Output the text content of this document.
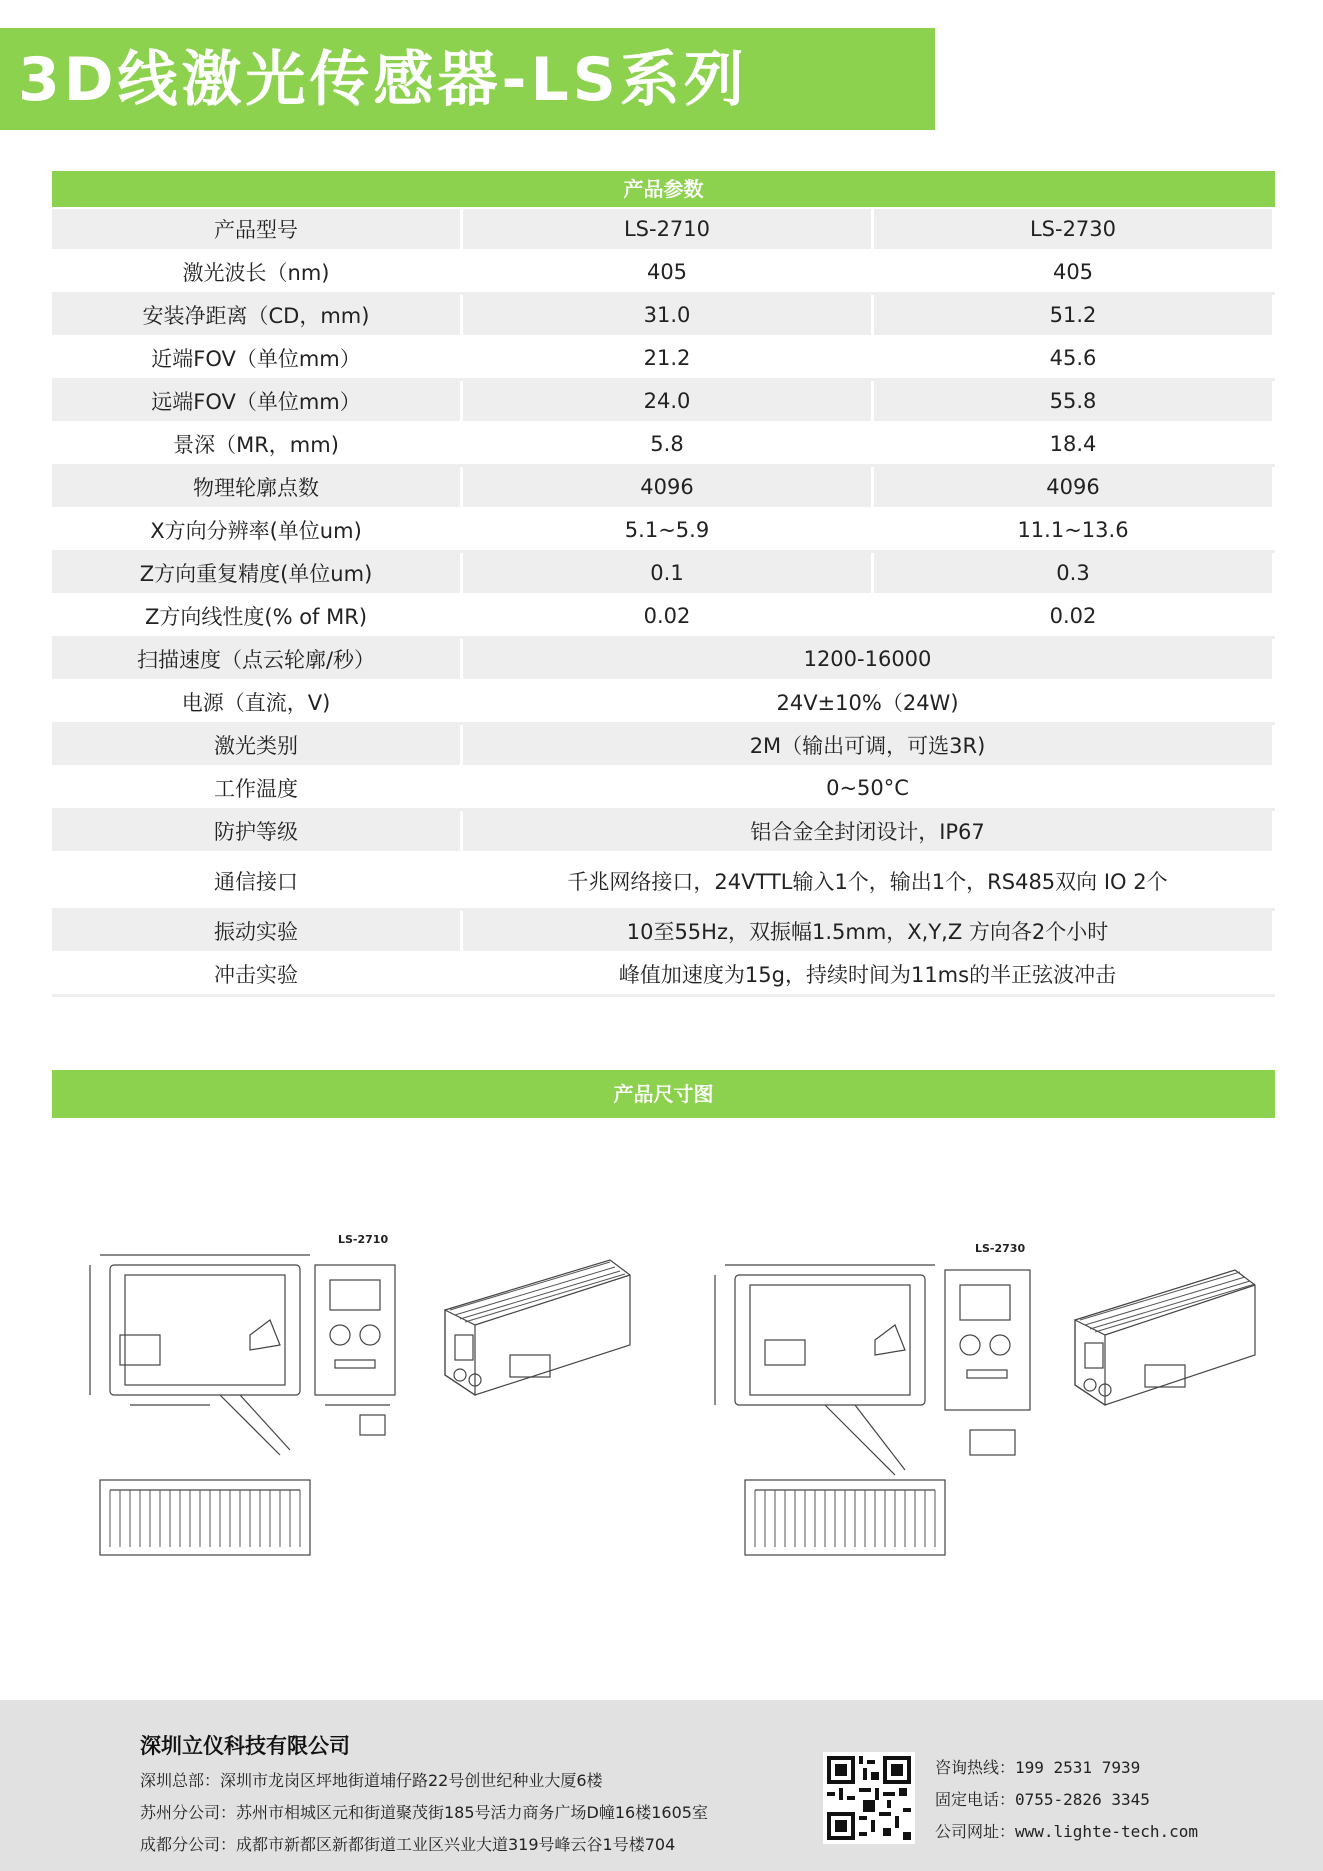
3D线激光传感器-LS系列
产品参数
产品型号	LS-2710	LS-2730
激光波长（nm)	405	405
安装净距离（CD，mm)	31.0	51.2
近端FOV（单位mm）	21.2	45.6
远端FOV（单位mm）	24.0	55.8
景深（MR，mm)	5.8	18.4
物理轮廓点数	4096	4096
X方向分辨率(单位um)	5.1~5.9	11.1~13.6
Z方向重复精度(单位um)	0.1	0.3
Z方向线性度(% of MR)	0.02	0.02
扫描速度（点云轮廓/秒）	1200-16000	
电源（直流，V)	24V±10%（24W)	
激光类别	2M（输出可调，可选3R)	
工作温度	0~50°C	
防护等级	铝合金全封闭设计，IP67	
通信接口	千兆网络接口，24VTTL输入1个，输出1个，RS485双向 IO 2个	
振动实验	10至55Hz，双振幅1.5mm，X,Y,Z 方向各2个小时	
冲击实验	峰值加速度为15g，持续时间为11ms的半正弦波冲击	
产品尺寸图
LS-2710
LS-2730
深圳立仪科技有限公司
深圳总部：深圳市龙岗区坪地街道埔仔路22号创世纪种业大厦6楼
苏州分公司：苏州市相城区元和街道聚茂街185号活力商务广场D幢16楼1605室
成都分公司：成都市新都区新都街道工业区兴业大道319号峰云谷1号楼704
咨询热线：199 2531 7939
固定电话：0755-2826 3345
公司网址：www.lighte-tech.com
